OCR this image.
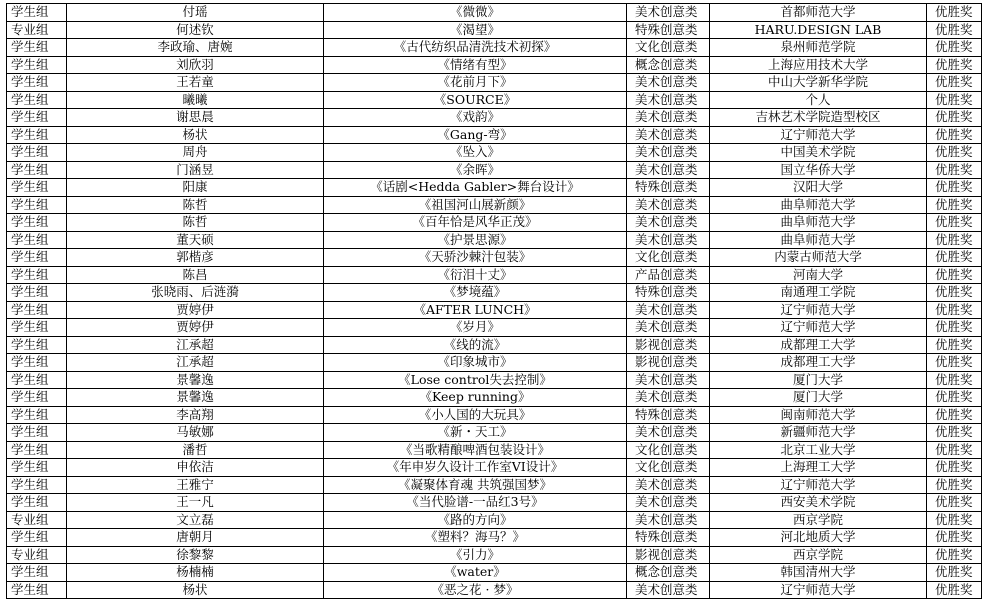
学生组	付瑶	《微微》	美术创意类	首都师范大学	优胜奖
专业组	何述钦	《渴望》	特殊创意类	HARU.DESIGN LAB	优胜奖
学生组	李政瑜、唐婉	《古代纺织品清洗技术初探》	文化创意类	泉州师范学院	优胜奖
学生组	刘欣羽	《情绪有型》	概念创意类	上海应用技术大学	优胜奖
学生组	王若童	《花前月下》	美术创意类	中山大学新华学院	优胜奖
学生组	曦曦	《SOURCE》	美术创意类	个人	优胜奖
学生组	谢思晨	《戏韵》	美术创意类	吉林艺术学院造型校区	优胜奖
学生组	杨状	《Gang-弯》	美术创意类	辽宁师范大学	优胜奖
学生组	周舟	《坠入》	美术创意类	中国美术学院	优胜奖
学生组	门涵昱	《余晖》	美术创意类	国立华侨大学	优胜奖
学生组	阳康	《话剧<Hedda Gabler>舞台设计》	特殊创意类	汉阳大学	优胜奖
学生组	陈哲	《祖国河山展新颜》	美术创意类	曲阜师范大学	优胜奖
学生组	陈哲	《百年恰是风华正茂》	美术创意类	曲阜师范大学	优胜奖
学生组	董天硕	《护景思源》	美术创意类	曲阜师范大学	优胜奖
学生组	郭楷彦	《天骄沙棘汁包装》	文化创意类	内蒙古师范大学	优胜奖
学生组	陈昌	《衍泪十丈》	产品创意类	河南大学	优胜奖
学生组	张晓雨、后涟漪	《梦境蕴》	特殊创意类	南通理工学院	优胜奖
学生组	贾婷伊	《AFTER LUNCH》	美术创意类	辽宁师范大学	优胜奖
学生组	贾婷伊	《岁月》	美术创意类	辽宁师范大学	优胜奖
学生组	江承超	《线的流》	影视创意类	成都理工大学	优胜奖
学生组	江承超	《印象城市》	影视创意类	成都理工大学	优胜奖
学生组	景馨逸	《Lose control失去控制》	美术创意类	厦门大学	优胜奖
学生组	景馨逸	《Keep running》	美术创意类	厦门大学	优胜奖
学生组	李高翔	《小人国的大玩具》	特殊创意类	闽南师范大学	优胜奖
学生组	马敏娜	《新・天工》	美术创意类	新疆师范大学	优胜奖
学生组	潘哲	《当歌精酿啤酒包装设计》	文化创意类	北京工业大学	优胜奖
学生组	申依洁	《年申岁久设计工作室VI设计》	文化创意类	上海理工大学	优胜奖
学生组	王雅宁	《凝聚体育魂 共筑强国梦》	美术创意类	辽宁师范大学	优胜奖
学生组	王一凡	《当代脸谱-一品红3号》	美术创意类	西安美术学院	优胜奖
专业组	文立磊	《路的方向》	美术创意类	西京学院	优胜奖
学生组	唐朝月	《塑料？海马？》	特殊创意类	河北地质大学	优胜奖
专业组	徐黎黎	《引力》	影视创意类	西京学院	优胜奖
学生组	杨楠楠	《water》	概念创意类	韩国清州大学	优胜奖
学生组	杨状	《恶之花 · 梦》	美术创意类	辽宁师范大学	优胜奖
